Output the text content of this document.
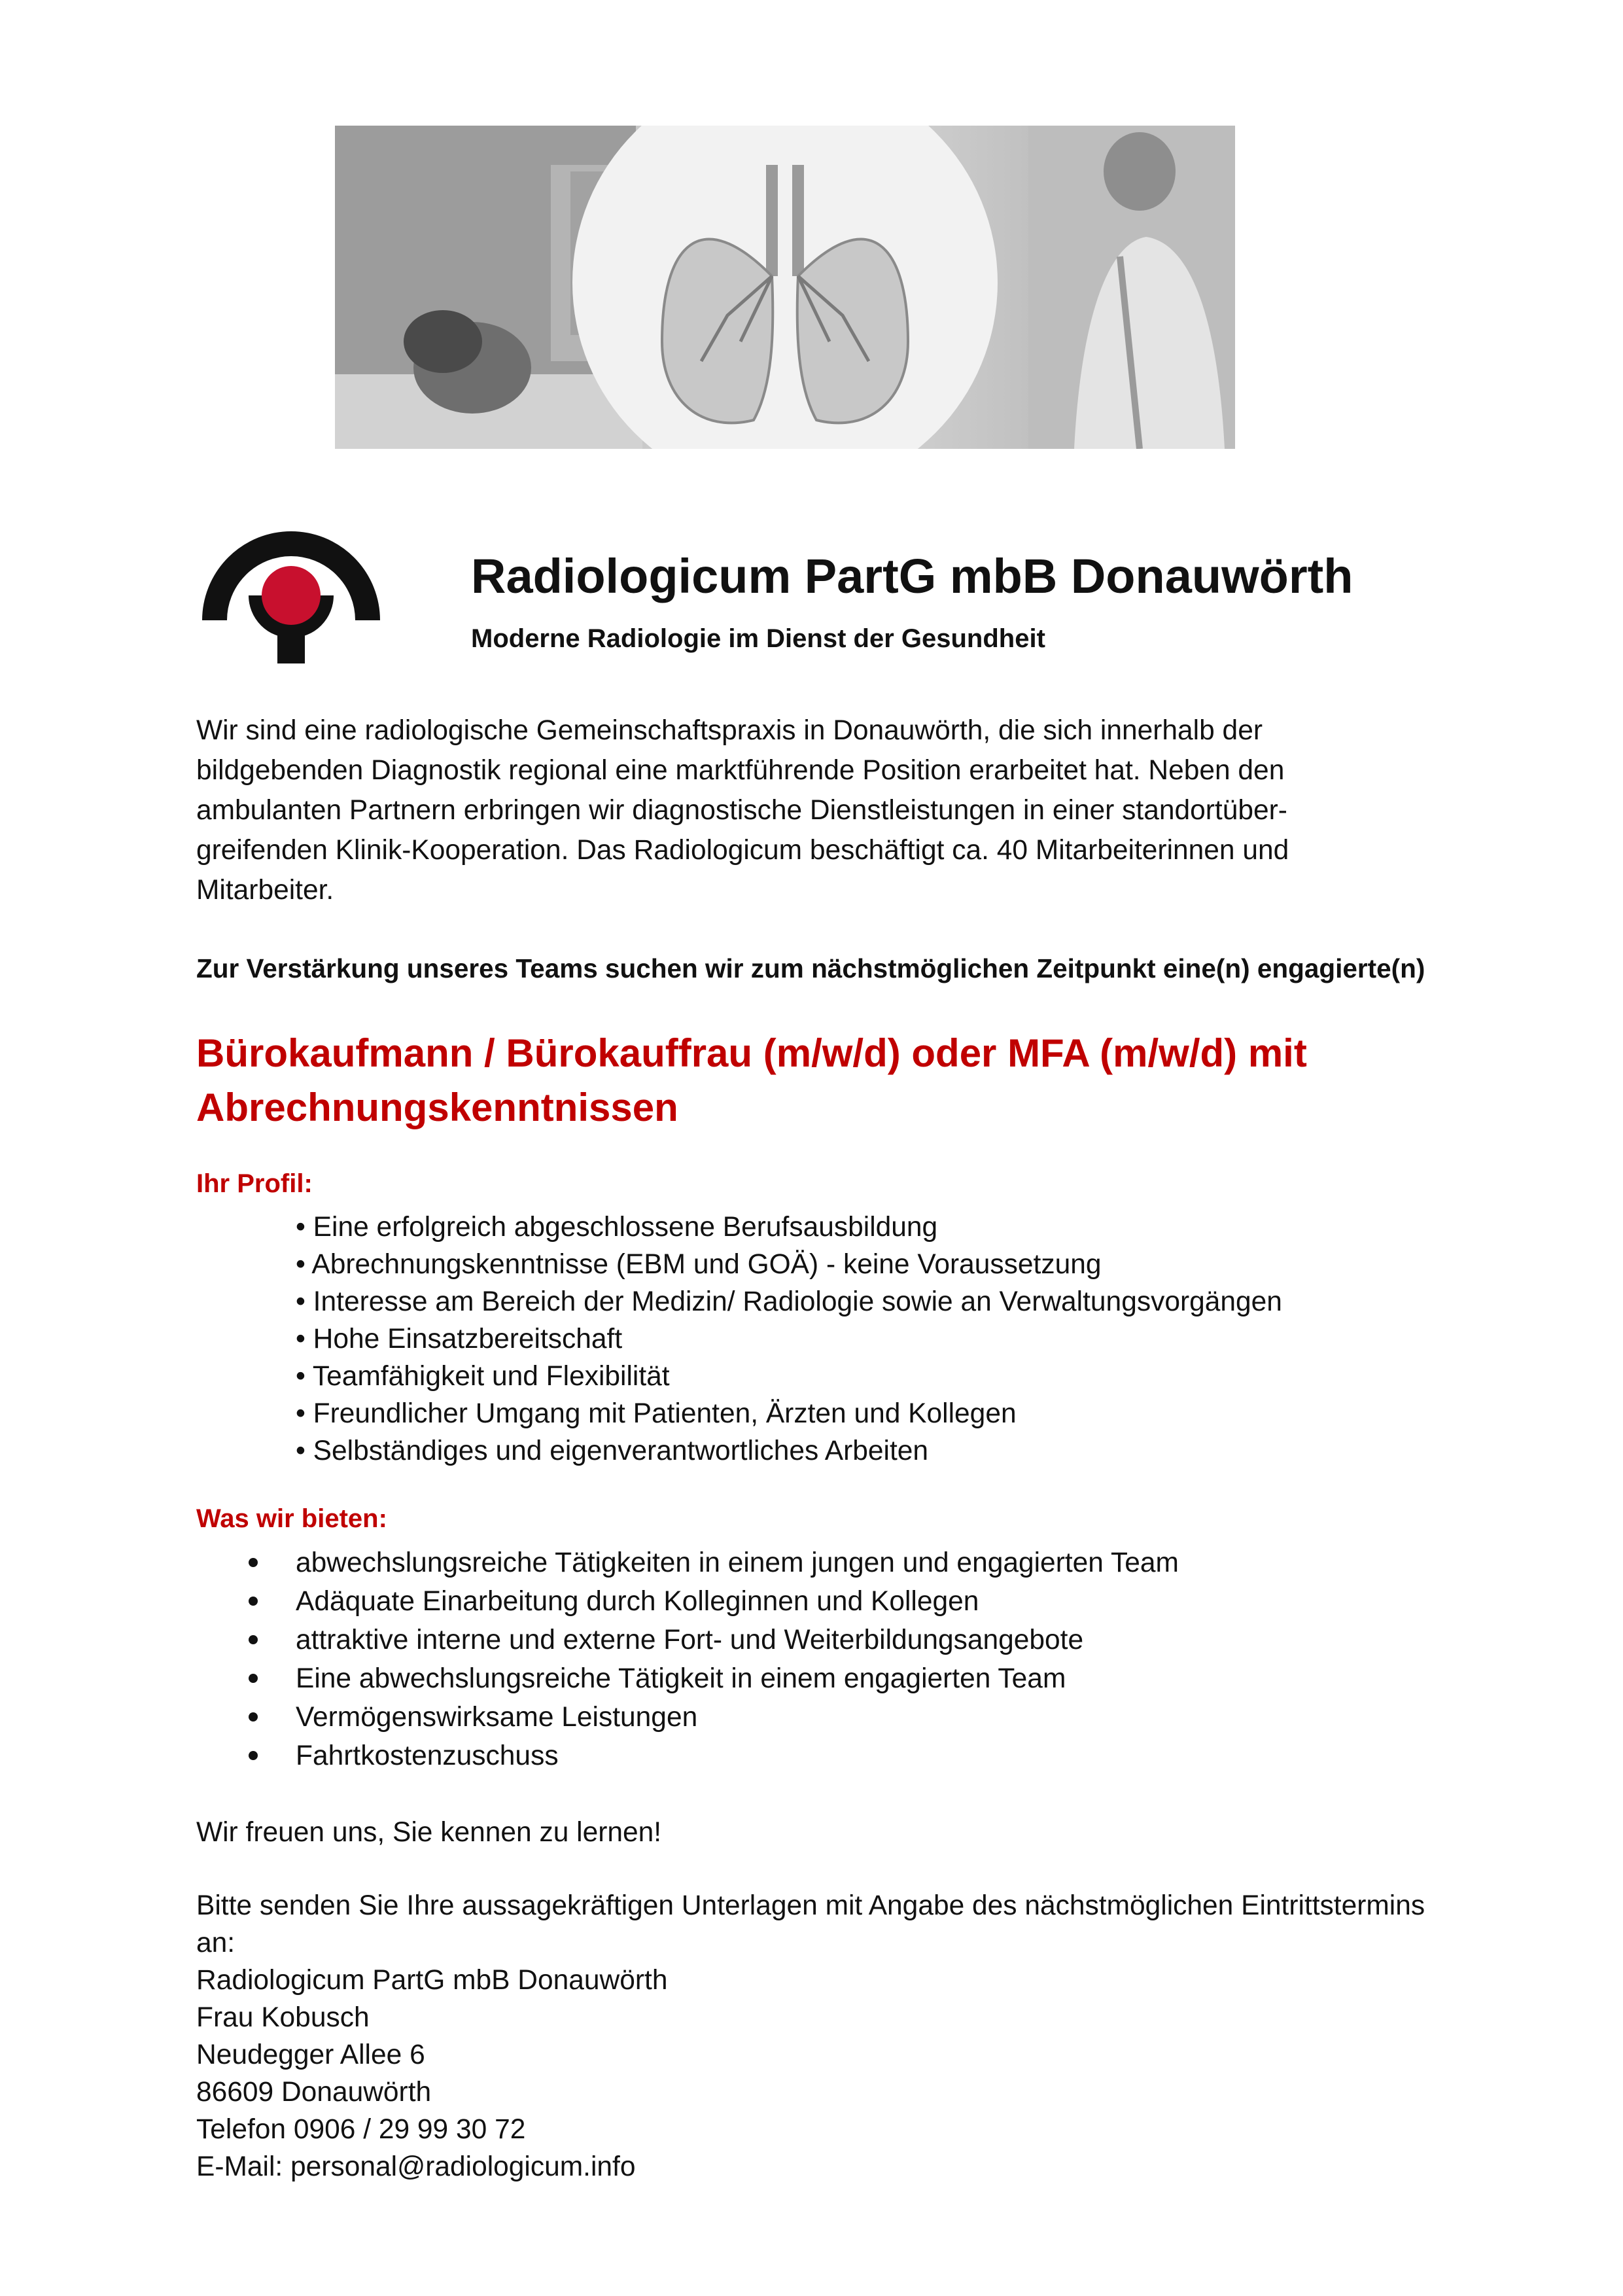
Radiologicum PartG mbB Donauwörth
Moderne Radiologie im Dienst der Gesundheit

Wir sind eine radiologische Gemeinschaftspraxis in Donauwörth, die sich innerhalb der

bildgebenden Diagnostik regional eine marktführende Position erarbeitet hat. Neben den

ambulanten Partnern erbringen wir diagnostische Dienstleistungen in einer standortüber-

greifenden Klinik-Kooperation. Das Radiologicum beschäftigt ca. 40 Mitarbeiterinnen und

Mitarbeiter.

Zur Verstärkung unseres Teams suchen wir zum nächstmöglichen Zeitpunkt eine(n) engagierte(n)
Bürokaufmann / Bürokauffrau (m/w/d) oder MFA (m/w/d) mit
Abrechnungskenntnissen
Ihr Profil:
• Eine erfolgreich abgeschlossene Berufsausbildung
• Abrechnungskenntnisse (EBM und GOÄ) - keine Voraussetzung
• Interesse am Bereich der Medizin/ Radiologie sowie an Verwaltungsvorgängen
• Hohe Einsatzbereitschaft
• Teamfähigkeit und Flexibilität
• Freundlicher Umgang mit Patienten, Ärzten und Kollegen
• Selbständiges und eigenverantwortliches Arbeiten
Was wir bieten:
abwechslungsreiche Tätigkeiten in einem jungen und engagierten Team
Adäquate Einarbeitung durch Kolleginnen und Kollegen
attraktive interne und externe Fort- und Weiterbildungsangebote
Eine abwechslungsreiche Tätigkeit in einem engagierten Team
Vermögenswirksame Leistungen
Fahrtkostenzuschuss
Wir freuen uns, Sie kennen zu lernen!
Bitte senden Sie Ihre aussagekräftigen Unterlagen mit Angabe des nächstmöglichen Eintrittstermins
an:
Radiologicum PartG mbB Donauwörth
Frau Kobusch
Neudegger Allee 6
86609 Donauwörth
Telefon 0906 / 29 99 30 72
E-Mail: personal@radiologicum.info
